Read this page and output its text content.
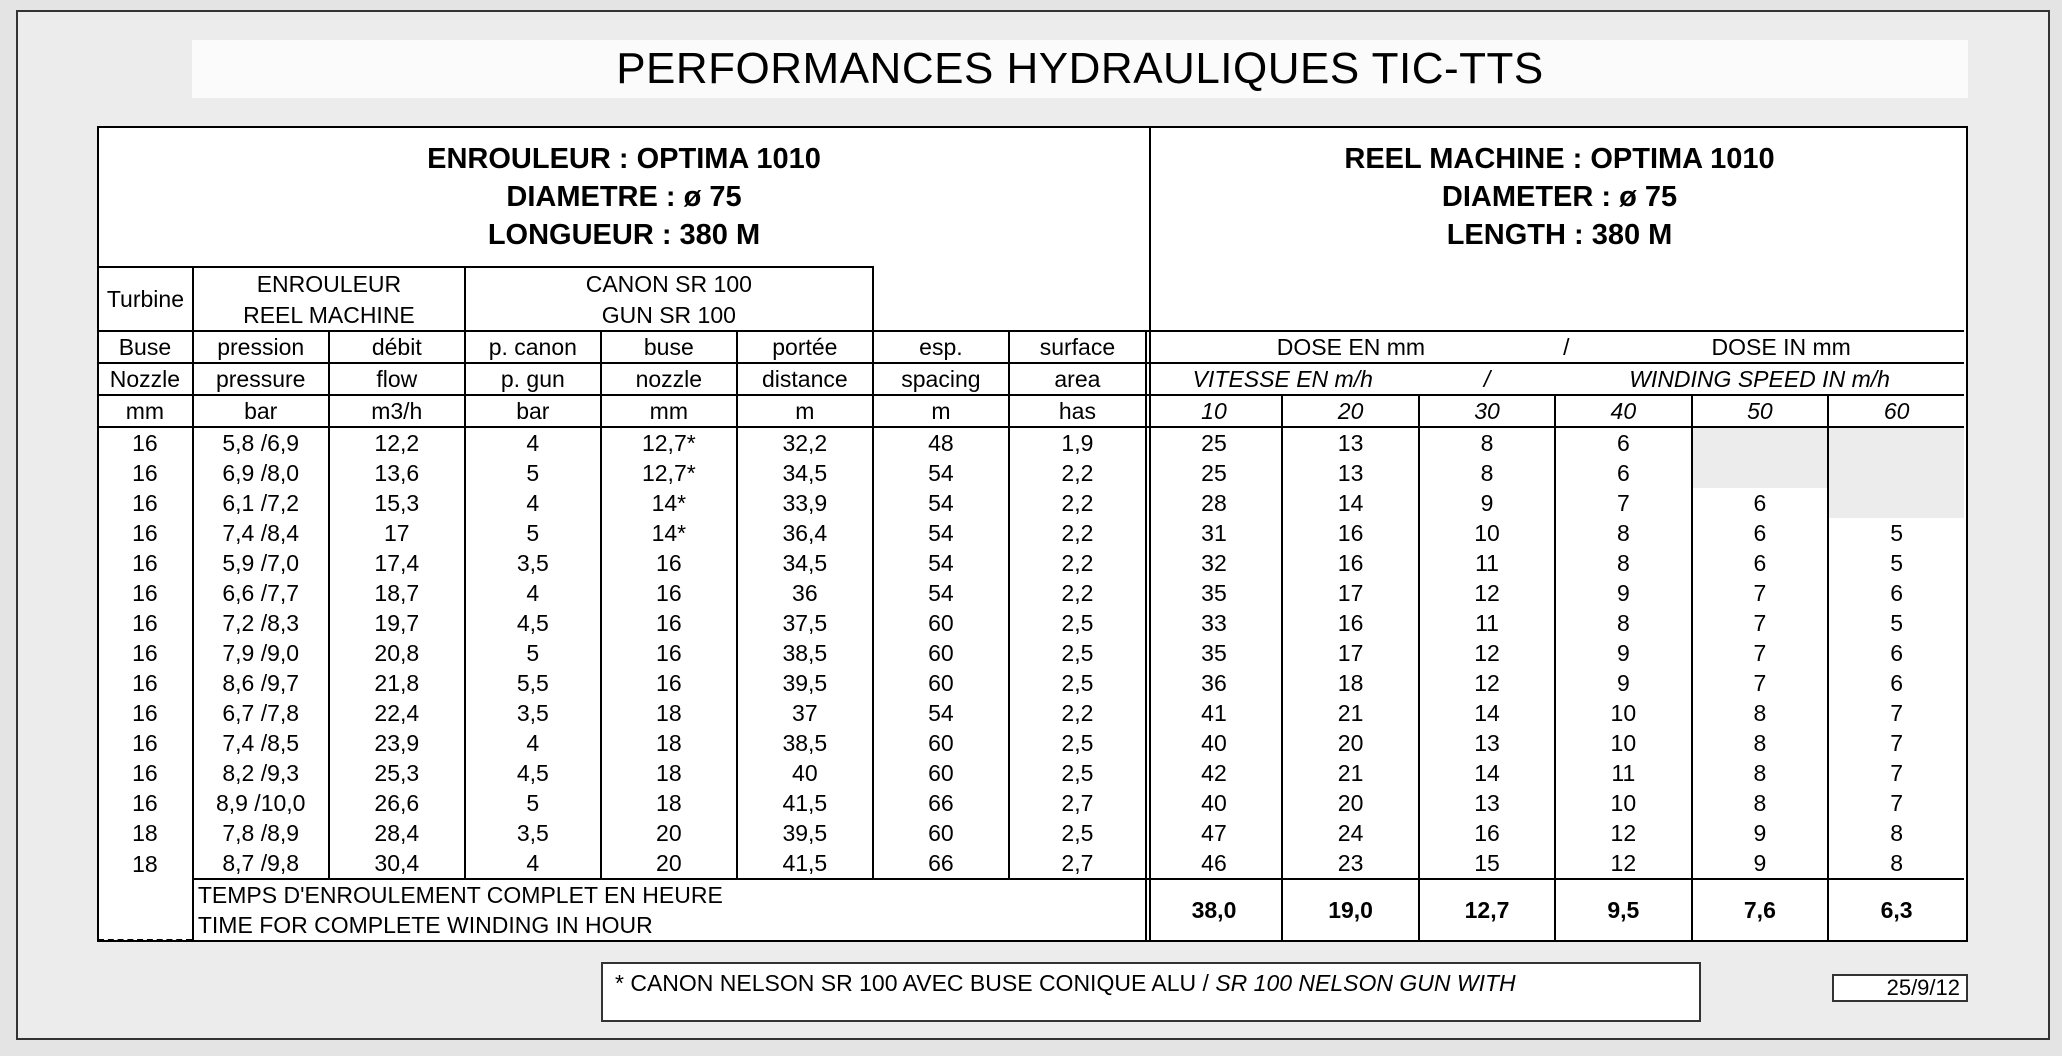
PERFORMANCES HYDRAULIQUES TIC-TTS
ENROULEUR : OPTIMA 1010
DIAMETRE : ø 75
LONGUEUR : 380 M
REEL MACHINE : OPTIMA 1010
DIAMETER : ø 75
LENGTH : 380 M
Turbine	ENROULEUR		CANON SR 100										
	REEL MACHINE		GUN SR 100										
Buse	pression	débit	p. canon	buse	portée	esp.	surface	DOSE EN mm			/	DOSE IN mm	
Nozzle	pressure	flow	p. gun	nozzle	distance	spacing	area	VITESSE EN m/h		/	WINDING SPEED IN m/h		
mm	bar	m3/h	bar	mm	m	m	has	10	20	30	40	50	60
16	5,8 /6,9	12,2	4	12,7*	32,2	48	1,9	25	13	8	6		
16	6,9 /8,0	13,6	5	12,7*	34,5	54	2,2	25	13	8	6		
16	6,1 /7,2	15,3	4	14*	33,9	54	2,2	28	14	9	7	6	
16	7,4 /8,4	17	5	14*	36,4	54	2,2	31	16	10	8	6	5
16	5,9 /7,0	17,4	3,5	16	34,5	54	2,2	32	16	11	8	6	5
16	6,6 /7,7	18,7	4	16	36	54	2,2	35	17	12	9	7	6
16	7,2 /8,3	19,7	4,5	16	37,5	60	2,5	33	16	11	8	7	5
16	7,9 /9,0	20,8	5	16	38,5	60	2,5	35	17	12	9	7	6
16	8,6 /9,7	21,8	5,5	16	39,5	60	2,5	36	18	12	9	7	6
16	6,7 /7,8	22,4	3,5	18	37	54	2,2	41	21	14	10	8	7
16	7,4 /8,5	23,9	4	18	38,5	60	2,5	40	20	13	10	8	7
16	8,2 /9,3	25,3	4,5	18	40	60	2,5	42	21	14	11	8	7
16	8,9 /10,0	26,6	5	18	41,5	66	2,7	40	20	13	10	8	7
18	7,8 /8,9	28,4	3,5	20	39,5	60	2,5	47	24	16	12	9	8
18	8,7 /9,8	30,4	4	20	41,5	66	2,7	46	23	15	12	9	8
	TEMPS D'ENROULEMENT COMPLET EN HEURE							38,0	19,0	12,7	9,5	7,6	6,3
	TIME FOR COMPLETE WINDING IN HOUR												
* CANON NELSON SR 100 AVEC BUSE CONIQUE ALU / SR 100 NELSON GUN WITH	25/9/12
